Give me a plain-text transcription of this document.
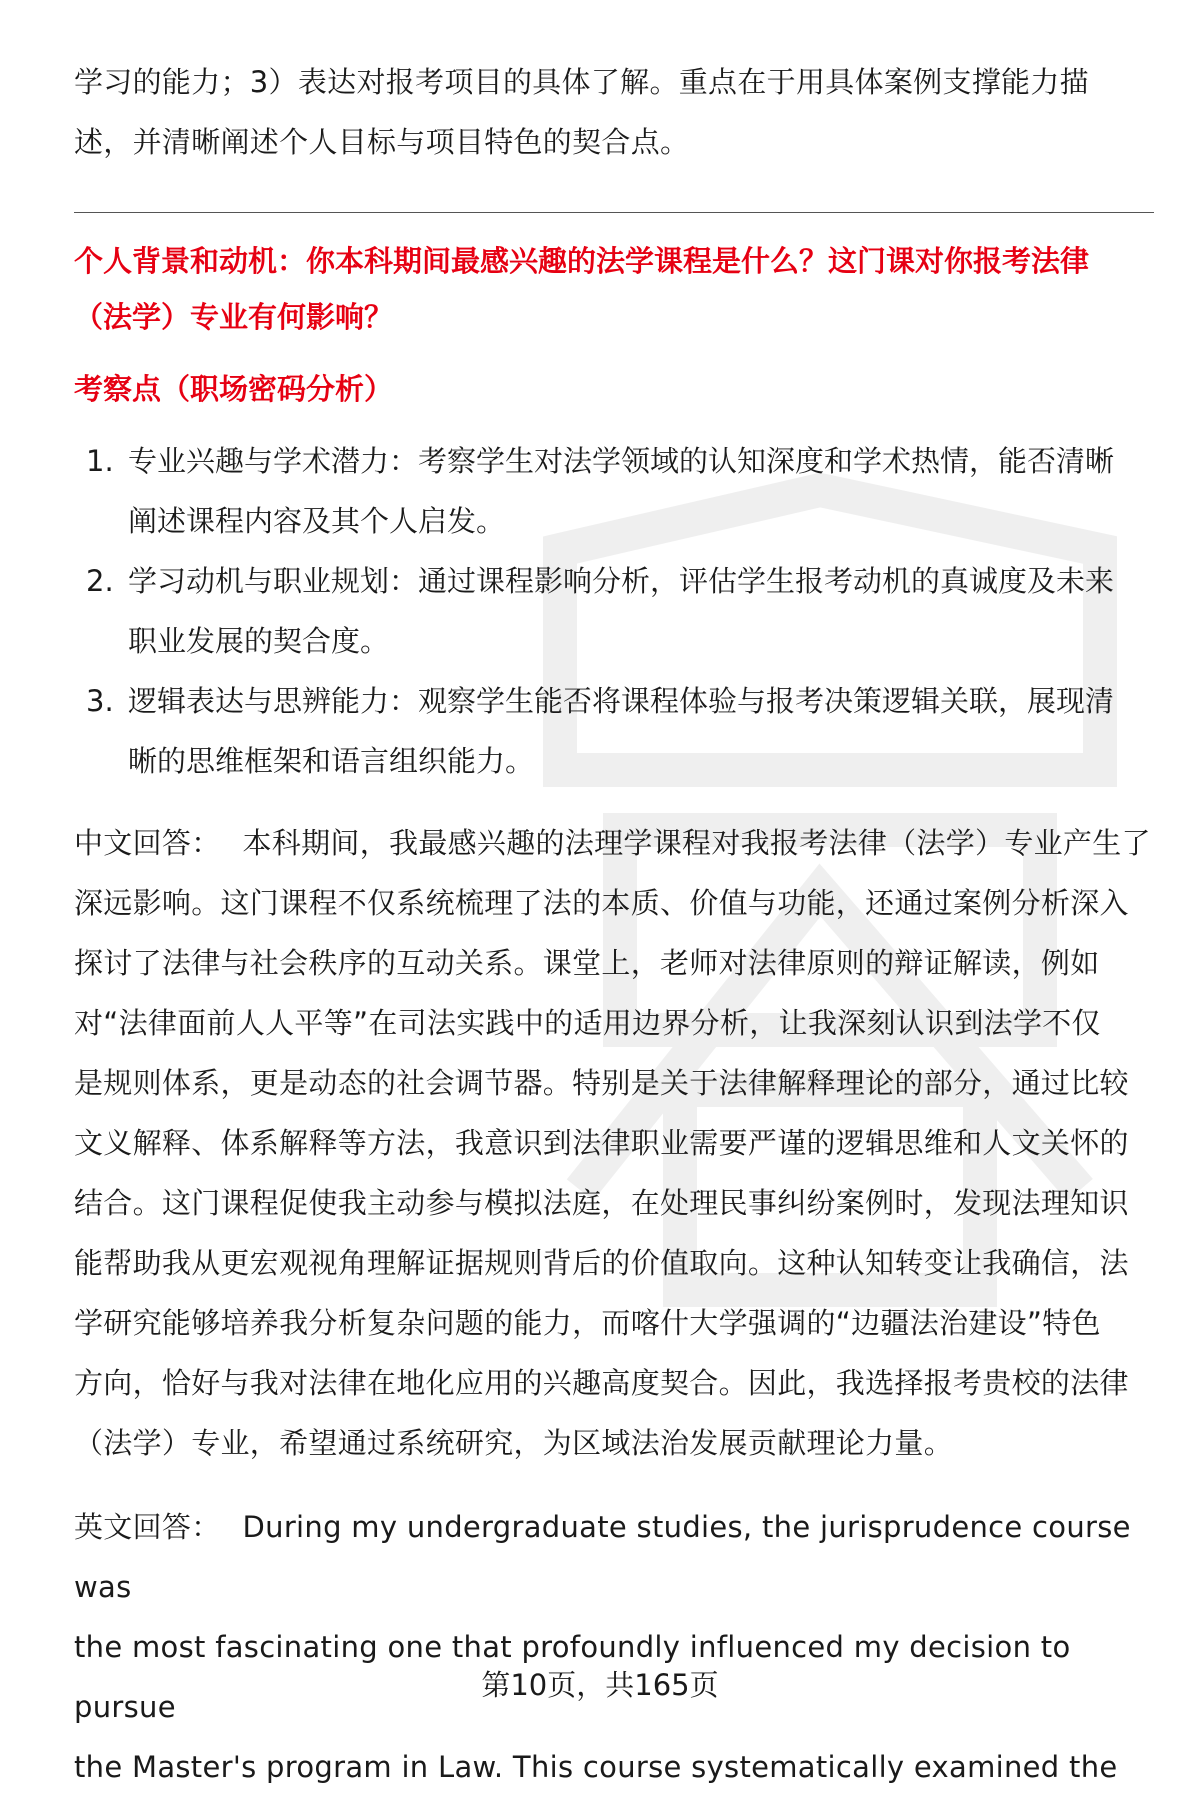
学习的能力；3）表达对报考项目的具体了解。重点在于用具体案例支撑能力描

述，并清晰阐述个人目标与项目特色的契合点。

个人背景和动机：你本科期间最感兴趣的法学课程是什么？这门课对你报考法律

（法学）专业有何影响？

考察点（职场密码分析）

1. 专业兴趣与学术潜力：考察学生对法学领域的认知深度和学术热情，能否清晰
阐述课程内容及其个人启发。
2. 学习动机与职业规划：通过课程影响分析，评估学生报考动机的真诚度及未来
职业发展的契合度。
3. 逻辑表达与思辨能力：观察学生能否将课程体验与报考决策逻辑关联，展现清
晰的思维框架和语言组织能力。

中文回答： 本科期间，我最感兴趣的法理学课程对我报考法律（法学）专业产生了

深远影响。这门课程不仅系统梳理了法的本质、价值与功能，还通过案例分析深入

探讨了法律与社会秩序的互动关系。课堂上，老师对法律原则的辩证解读，例如

对“法律面前人人平等”在司法实践中的适用边界分析，让我深刻认识到法学不仅

是规则体系，更是动态的社会调节器。特别是关于法律解释理论的部分，通过比较

文义解释、体系解释等方法，我意识到法律职业需要严谨的逻辑思维和人文关怀的

结合。这门课程促使我主动参与模拟法庭，在处理民事纠纷案例时，发现法理知识

能帮助我从更宏观视角理解证据规则背后的价值取向。这种认知转变让我确信，法

学研究能够培养我分析复杂问题的能力，而喀什大学强调的“边疆法治建设”特色

方向，恰好与我对法律在地化应用的兴趣高度契合。因此，我选择报考贵校的法律

（法学）专业，希望通过系统研究，为区域法治发展贡献理论力量。

英文回答： During my undergraduate studies, the jurisprudence course was

the most fascinating one that profoundly influenced my decision to pursue

the Master's program in Law. This course systematically examined the

第10页，共165页
